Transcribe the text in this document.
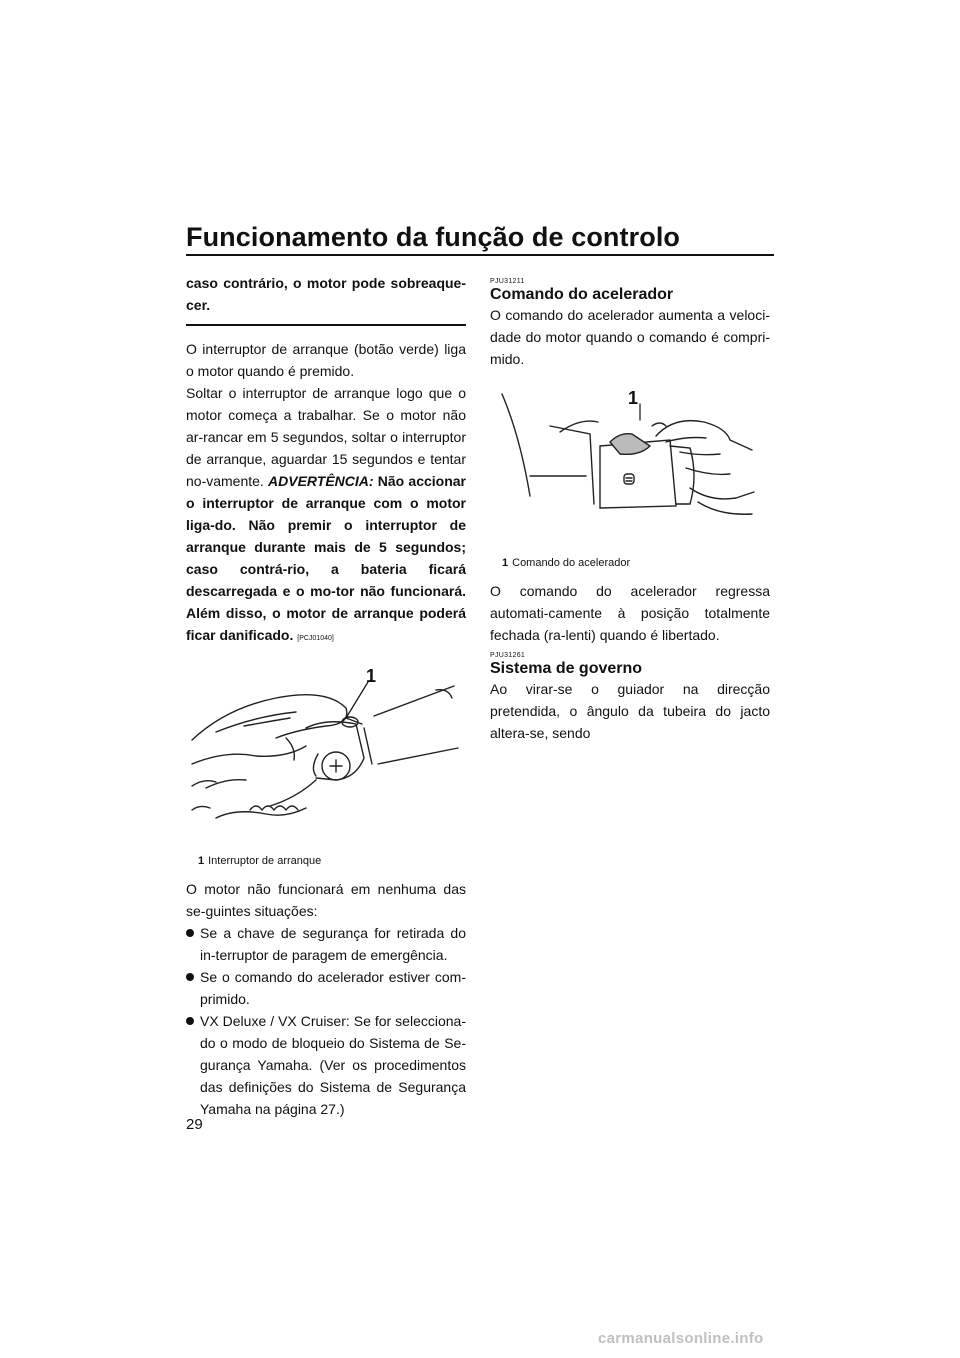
Funcionamento da função de controlo

caso contrário, o motor pode sobreaque-cer.

O interruptor de arranque (botão verde) liga o motor quando é premido.

Soltar o interruptor de arranque logo que o motor começa a trabalhar. Se o motor não ar-rancar em 5 segundos, soltar o interruptor de arranque, aguardar 15 segundos e tentar no-vamente. ADVERTÊNCIA: Não accionar o interruptor de arranque com o motor liga-do. Não premir o interruptor de arranque durante mais de 5 segundos; caso contrá-rio, a bateria ficará descarregada e o mo-tor não funcionará. Além disso, o motor de arranque poderá ficar danificado. [PCJ01040]

1
1 Interruptor de arranque

O motor não funcionará em nenhuma das se-guintes situações:

Se a chave de segurança for retirada do in-terruptor de paragem de emergência.
Se o comando do acelerador estiver com-primido.
VX Deluxe / VX Cruiser: Se for selecciona-do o modo de bloqueio do Sistema de Se-gurança Yamaha. (Ver os procedimentos das definições do Sistema de Segurança Yamaha na página 27.)
PJU31211
Comando do acelerador

O comando do acelerador aumenta a veloci-dade do motor quando o comando é compri-mido.

1
1 Comando do acelerador

O comando do acelerador regressa automati-camente à posição totalmente fechada (ra-lenti) quando é libertado.

PJU31261
Sistema de governo

Ao virar-se o guiador na direcção pretendida, o ângulo da tubeira do jacto altera-se, sendo

29
carmanualsonline.info
